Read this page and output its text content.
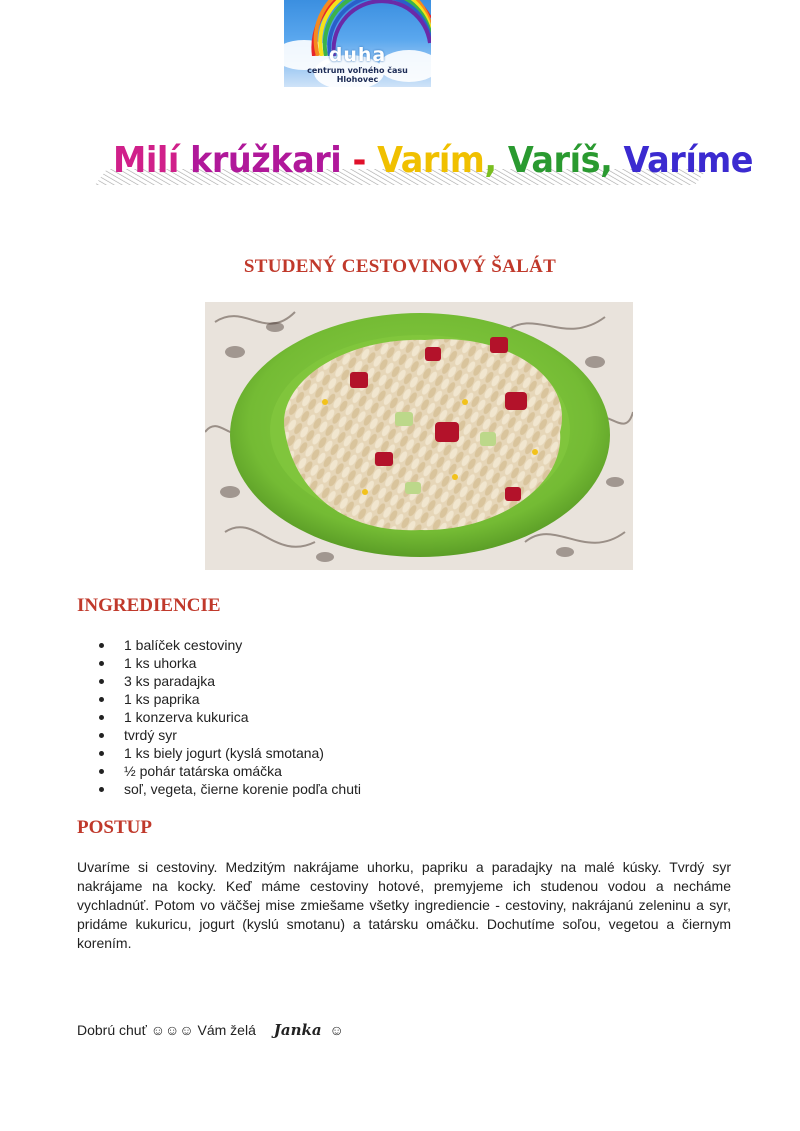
duha
centrum voľného času
Hlohovec
Milí krúžkari - Varím, Varíš, Varíme
STUDENÝ CESTOVINOVÝ ŠALÁT
INGREDIENCIE
1 balíček cestoviny
1 ks uhorka
3 ks paradajka
1 ks paprika
1 konzerva kukurica
tvrdý syr
1 ks biely jogurt (kyslá smotana)
½ pohár tatárska omáčka
soľ, vegeta, čierne korenie podľa chuti
POSTUP

Uvaríme si cestoviny. Medzitým nakrájame uhorku, papriku a paradajky na malé kúsky. Tvrdý syr nakrájame na kocky. Keď máme cestoviny hotové, premyjeme ich studenou vodou a necháme vychladnúť. Potom vo väčšej mise zmiešame všetky ingrediencie - cestoviny, nakrájanú zeleninu a syr, pridáme kukuricu, jogurt (kyslú smotanu) a tatársku omáčku. Dochutíme soľou, vegetou a čiernym korením.

Dobrú chuť ☺☺☺ Vám želá Janka ☺
